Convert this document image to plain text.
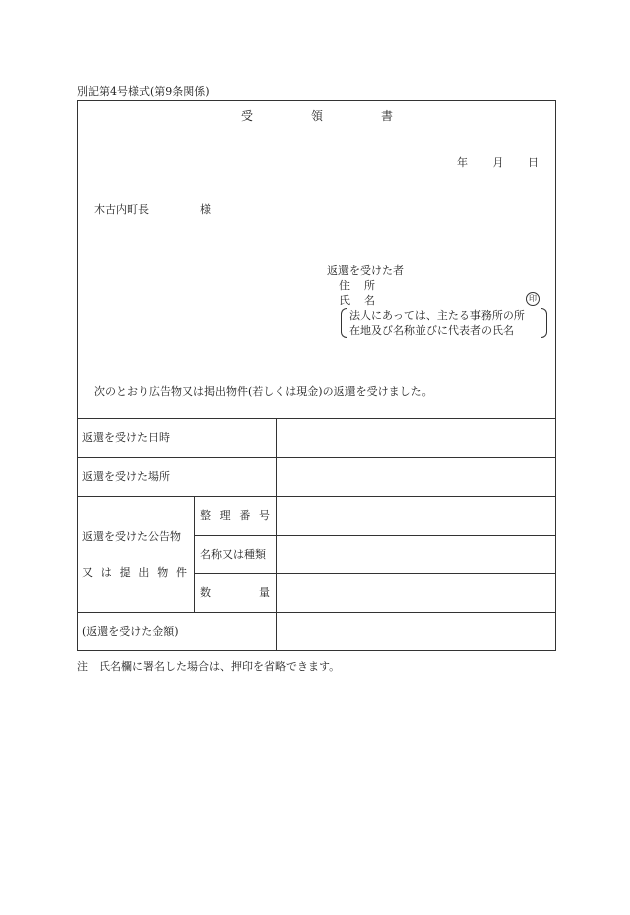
別記第4号様式(第9条関係)
受	領	書
年 月 日
木古内町長	様
返還を受けた者
住 所
氏 名	印
法人にあっては、主たる事務所の所
在地及び名称並びに代表者の氏名
次のとおり広告物又は掲出物件(若しくは現金)の返還を受けました。
返還を受けた日時
返還を受けた場所
返還を受けた公告物
又 は 提 出 物 件
整 理 番 号
名称又は種類
数	量
(返還を受けた金額)
注　氏名欄に署名した場合は、押印を省略できます。
